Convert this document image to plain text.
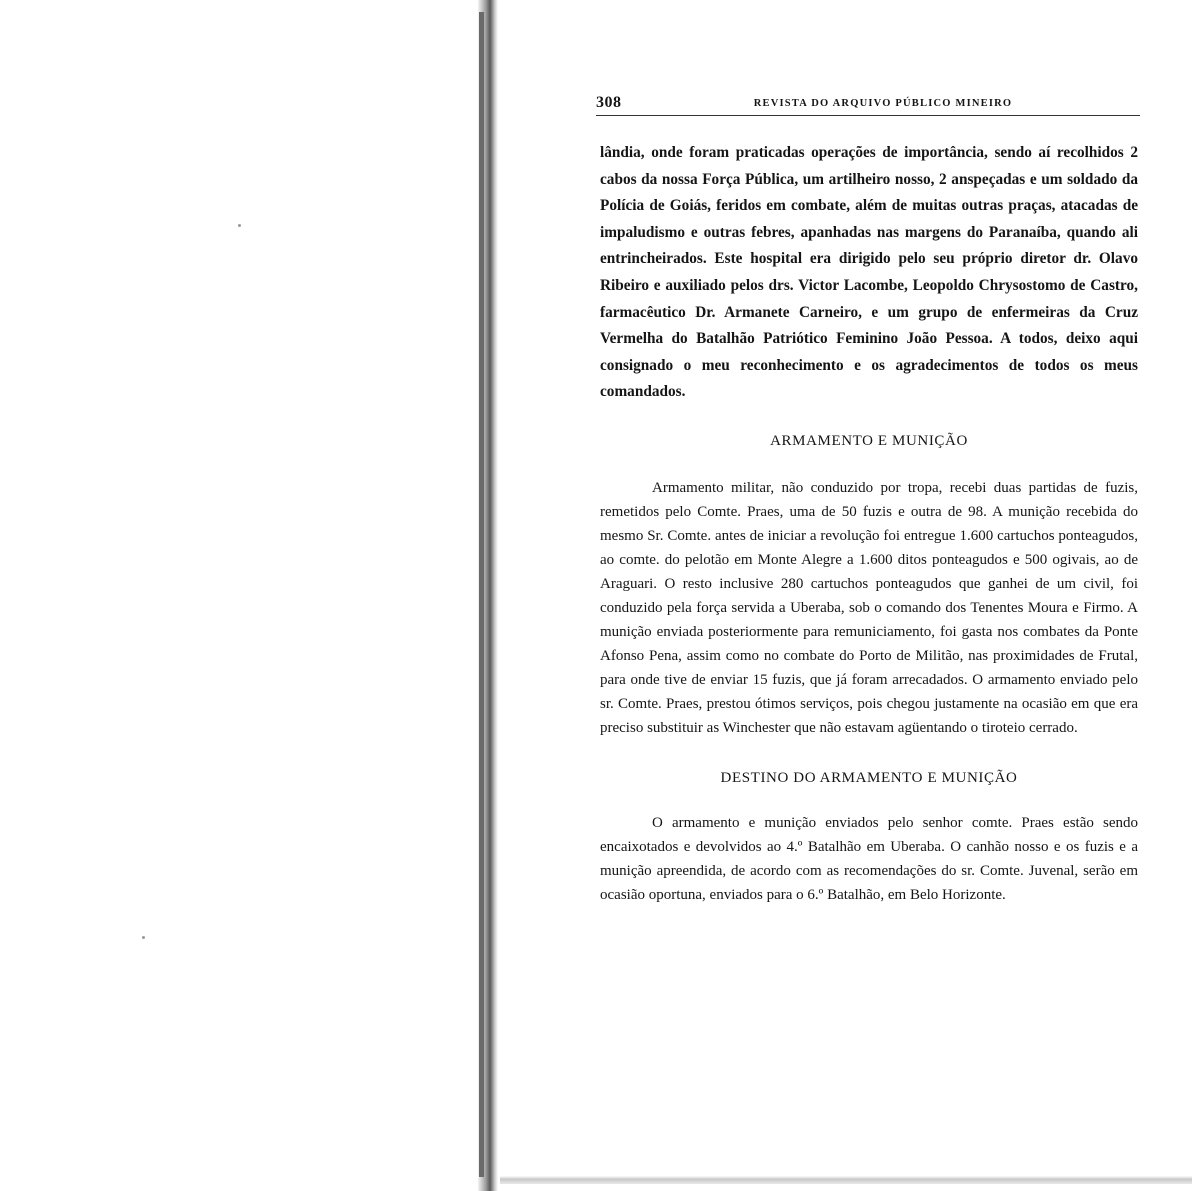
308	REVISTA DO ARQUIVO PÚBLICO MINEIRO

lândia, onde foram praticadas operações de importância, sendo aí recolhidos 2 cabos da nossa Força Pública, um artilheiro nosso, 2 anspeçadas e um soldado da Polícia de Goiás, feridos em combate, além de muitas outras praças, atacadas de impaludismo e outras febres, apanhadas nas margens do Paranaíba, quando ali entrincheirados. Este hospital era dirigido pelo seu próprio diretor dr. Olavo Ribeiro e auxiliado pelos drs. Victor Lacombe, Leopoldo Chrysostomo de Castro, farmacêutico Dr. Armanete Carneiro, e um grupo de enfermeiras da Cruz Vermelha do Batalhão Patriótico Feminino João Pessoa. A todos, deixo aqui consignado o meu reconhecimento e os agradecimentos de todos os meus comandados.

ARMAMENTO E MUNIÇÃO

Armamento militar, não conduzido por tropa, recebi duas partidas de fuzis, remetidos pelo Comte. Praes, uma de 50 fuzis e outra de 98. A munição recebida do mesmo Sr. Comte. antes de iniciar a revolução foi entregue 1.600 cartuchos ponteagudos, ao comte. do pelotão em Monte Alegre a 1.600 ditos ponteagudos e 500 ogivais, ao de Araguari. O resto inclusive 280 cartuchos ponteagudos que ganhei de um civil, foi conduzido pela força servida a Uberaba, sob o comando dos Tenentes Moura e Firmo. A munição enviada posteriormente para remuniciamento, foi gasta nos combates da Ponte Afonso Pena, assim como no combate do Porto de Militão, nas proximidades de Frutal, para onde tive de enviar 15 fuzis, que já foram arrecadados. O armamento enviado pelo sr. Comte. Praes, prestou ótimos serviços, pois chegou justamente na ocasião em que era preciso substituir as Winchester que não estavam agüentando o tiroteio cerrado.

DESTINO DO ARMAMENTO E MUNIÇÃO

O armamento e munição enviados pelo senhor comte. Praes estão sendo encaixotados e devolvidos ao 4.º Batalhão em Uberaba. O canhão nosso e os fuzis e a munição apreendida, de acordo com as recomendações do sr. Comte. Juvenal, serão em ocasião oportuna, enviados para o 6.º Batalhão, em Belo Horizonte.
